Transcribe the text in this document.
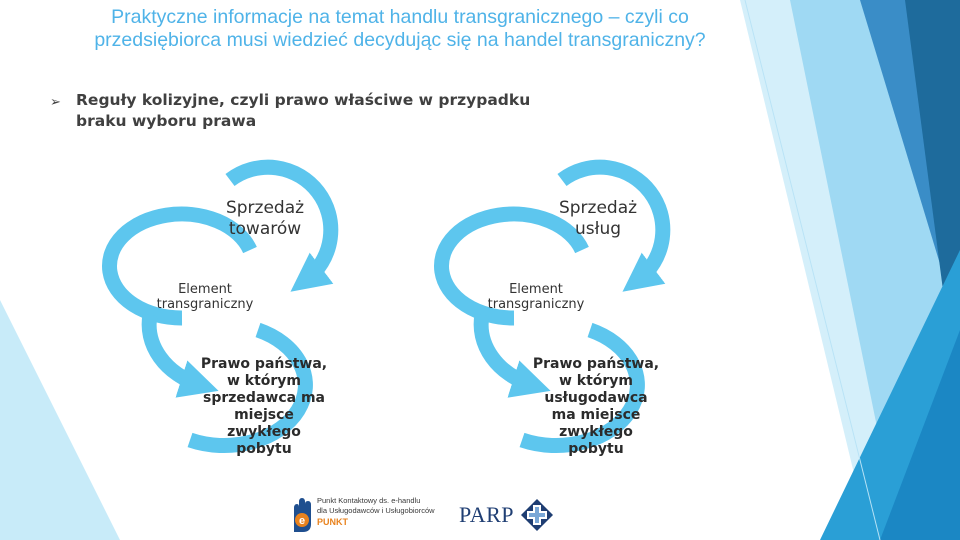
Praktyczne informacje na temat handlu transgranicznego – czyli co przedsiębiorca musi wiedzieć decydując się na handel transgraniczny?
➢ Reguły kolizyjne, czyli prawo właściwe w przypadku braku wyboru prawa
Sprzedaż towarów
Element transgraniczny
Prawo państwa, w którym sprzedawca ma miejsce zwykłego pobytu
Sprzedaż usług
Element transgraniczny
Prawo państwa, w którym usługodawca ma miejsce zwykłego pobytu
e
Punkt Kontaktowy ds. e-handlu
dla Usługodawców i Usługobiorców
PUNKT	PARP
